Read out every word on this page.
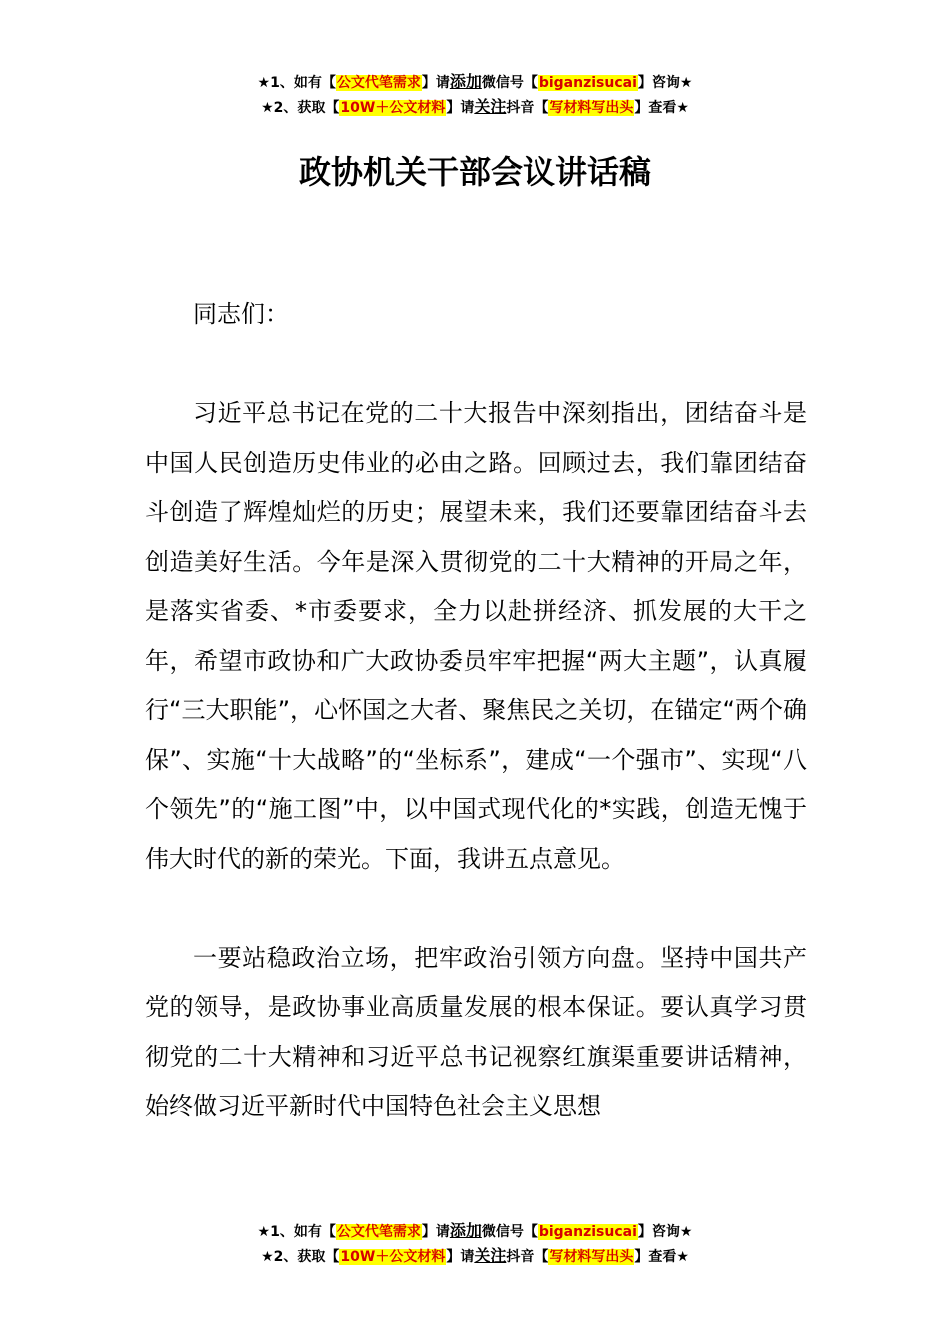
★1、如有【公文代笔需求】请添加微信号【biganzisucai】咨询★
★2、获取【10W＋公文材料】请关注抖音【写材料写出头】查看★
政协机关干部会议讲话稿

同志们：

习近平总书记在党的二十大报告中深刻指出，团结奋斗是中国人民创造历史伟业的必由之路。回顾过去，我们靠团结奋斗创造了辉煌灿烂的历史；展望未来，我们还要靠团结奋斗去创造美好生活。今年是深入贯彻党的二十大精神的开局之年，是落实省委、*市委要求，全力以赴拼经济、抓发展的大干之年，希望市政协和广大政协委员牢牢把握“两大主题”，认真履行“三大职能”，心怀国之大者、聚焦民之关切，在锚定“两个确保”、实施“十大战略”的“坐标系”，建成“一个强市”、实现“八个领先”的“施工图”中，以中国式现代化的*实践，创造无愧于伟大时代的新的荣光。下面，我讲五点意见。

一要站稳政治立场，把牢政治引领方向盘。坚持中国共产党的领导，是政协事业高质量发展的根本保证。要认真学习贯彻党的二十大精神和习近平总书记视察红旗渠重要讲话精神，始终做习近平新时代中国特色社会主义思想

★1、如有【公文代笔需求】请添加微信号【biganzisucai】咨询★
★2、获取【10W＋公文材料】请关注抖音【写材料写出头】查看★
